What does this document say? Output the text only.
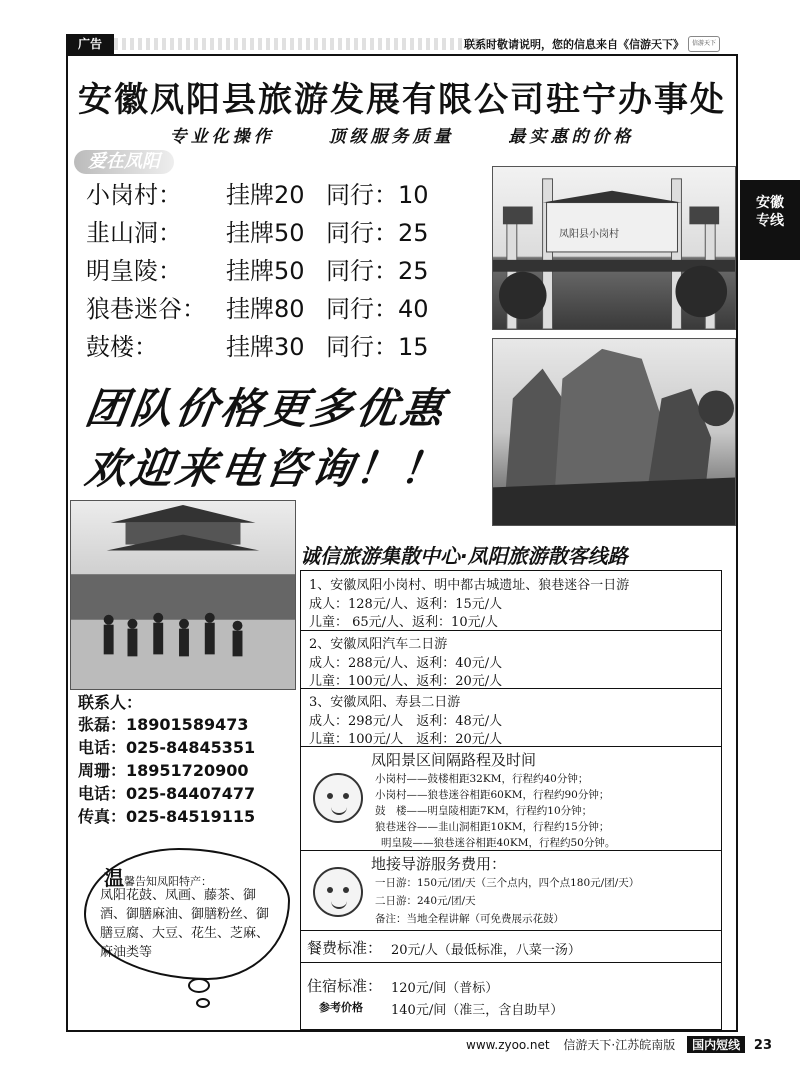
广告	联系时敬请说明，您的信息来自《信游天下》	信游天下
安徽
专线
安徽凤阳县旅游发展有限公司驻宁办事处
专业化操作	顶级服务质量	最实惠的价格
爱在凤阳
小岗村： 挂牌20 同行：10
韭山洞： 挂牌50 同行：25
明皇陵： 挂牌50 同行：25
狼巷迷谷： 挂牌80 同行：40
鼓楼：	挂牌30 同行：15
凤阳县小岗村
团队价格更多优惠
欢迎来电咨询！！
诚信旅游集散中心·凤阳旅游散客线路
1、安徽凤阳小岗村、明中都古城遗址、狼巷迷谷一日游
成人：128元/人、返利：15元/人
儿童： 65元/人、返利：10元/人
2、安徽凤阳汽车二日游
成人：288元/人、返利：40元/人
儿童：100元/人、返利：20元/人
3、安徽凤阳、寿县二日游
成人：298元/人　返利：48元/人
儿童：100元/人　返利：20元/人
凤阳景区间隔路程及时间
小岗村——鼓楼相距32KM，行程约40分钟；
小岗村——狼巷迷谷相距60KM，行程约90分钟；
鼓　楼——明皇陵相距7KM，行程约10分钟；
狼巷迷谷——韭山洞相距10KM，行程约15分钟；
明皇陵——狼巷迷谷相距40KM，行程约50分钟。
地接导游服务费用：
一日游：150元/团/天（三个点内，四个点180元/团/天）
二日游：240元/团/天
备注：当地全程讲解（可免费展示花鼓）
餐费标准： 20元/人（最低标准，八菜一汤）
住宿标准： 120元/间（普标）
参考价格 140元/间（准三，含自助早）
联系人：
张磊：18901589473
电话：025-84845351
周珊：18951720900
电话：025-84407477
传真：025-84519115
温馨告知凤阳特产：
凤阳花鼓、凤画、藤茶、御酒、御膳麻油、御膳粉丝、御膳豆腐、大豆、花生、芝麻、麻油类等
www.zyoo.net 信游天下·江苏皖南版 国内短线 23
